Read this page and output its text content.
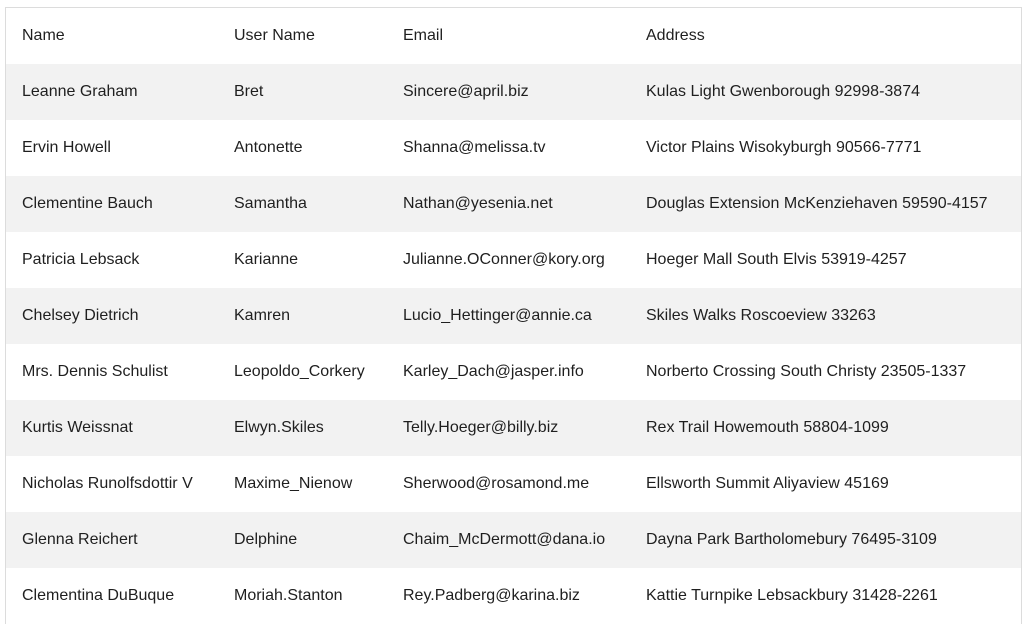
Name	User Name	Email	Address
Leanne Graham	Bret	Sincere@april.biz	Kulas Light Gwenborough 92998-3874
Ervin Howell	Antonette	Shanna@melissa.tv	Victor Plains Wisokyburgh 90566-7771
Clementine Bauch	Samantha	Nathan@yesenia.net	Douglas Extension McKenziehaven 59590-4157
Patricia Lebsack	Karianne	Julianne.OConner@kory.org	Hoeger Mall South Elvis 53919-4257
Chelsey Dietrich	Kamren	Lucio_Hettinger@annie.ca	Skiles Walks Roscoeview 33263
Mrs. Dennis Schulist	Leopoldo_Corkery	Karley_Dach@jasper.info	Norberto Crossing South Christy 23505-1337
Kurtis Weissnat	Elwyn.Skiles	Telly.Hoeger@billy.biz	Rex Trail Howemouth 58804-1099
Nicholas Runolfsdottir V	Maxime_Nienow	Sherwood@rosamond.me	Ellsworth Summit Aliyaview 45169
Glenna Reichert	Delphine	Chaim_McDermott@dana.io	Dayna Park Bartholomebury 76495-3109
Clementina DuBuque	Moriah.Stanton	Rey.Padberg@karina.biz	Kattie Turnpike Lebsackbury 31428-2261
